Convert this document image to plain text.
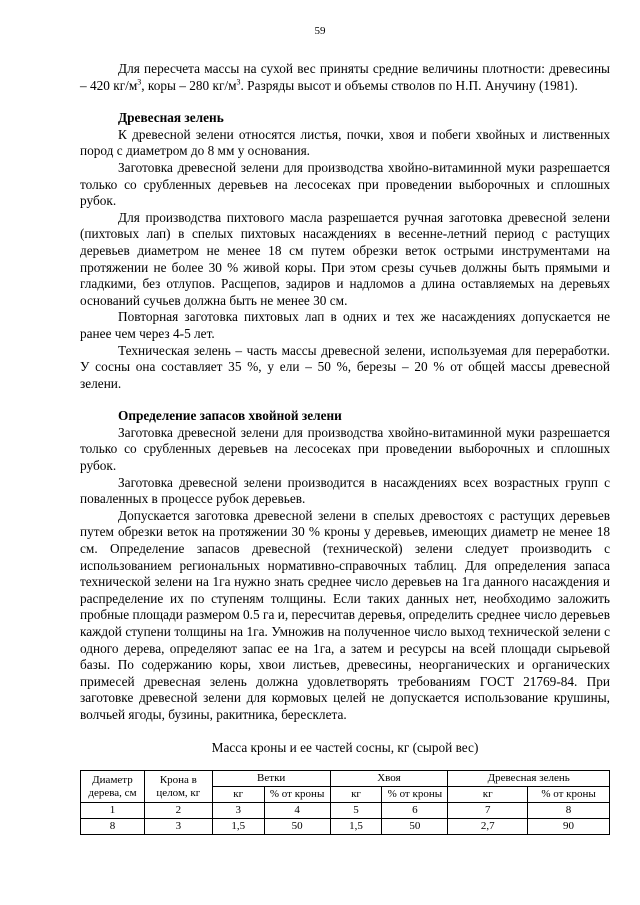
59

Для пересчета массы на сухой вес приняты средние величины плотности: древесины – 420 $кг/м^3$, коры – 280 $кг/м^3$. Разряды высот и объемы стволов по Н.П. Анучину (1981).

Древесная зелень

К древесной зелени относятся листья, почки, хвоя и побеги хвойных и лиственных пород с диаметром до 8 мм у основания.

Заготовка древесной зелени для производства хвойно-витаминной муки разрешается только со срубленных деревьев на лесосеках при проведении выборочных и сплошных рубок.

Для производства пихтового масла разрешается ручная заготовка древесной зелени (пихтовых лап) в спелых пихтовых насаждениях в весенне-летний период с растущих деревьев диаметром не менее 18 см путем обрезки веток острыми инструментами на протяжении не более 30 % живой коры. При этом срезы сучьев должны быть прямыми и гладкими, без отлупов. Расщепов, задиров и надломов а длина оставляемых на деревьях оснований сучьев должна быть не менее 30 см.

Повторная заготовка пихтовых лап в одних и тех же насаждениях допускается не ранее чем через 4-5 лет.

Техническая зелень – часть массы древесной зелени, используемая для переработки. У сосны она составляет 35 %, у ели – 50 %, березы – 20 % от общей массы древесной зелени.

Определение запасов хвойной зелени

Заготовка древесной зелени для производства хвойно-витаминной муки разрешается только со срубленных деревьев на лесосеках при проведении выборочных и сплошных рубок.

Заготовка древесной зелени производится в насаждениях всех возрастных групп с поваленных в процессе рубок деревьев.

Допускается заготовка древесной зелени в спелых древостоях с растущих деревьев путем обрезки веток на протяжении 30 % кроны у деревьев, имеющих диаметр не менее 18 см. Определение запасов древесной (технической) зелени следует производить с использованием региональных нормативно-справочных таблиц. Для определения запаса технической зелени на 1га нужно знать среднее число деревьев на 1га данного насаждения и распределение их по ступеням толщины. Если таких данных нет, необходимо заложить пробные площади размером 0.5 га и, пересчитав деревья, определить среднее число деревьев каждой ступени толщины на 1га. Умножив на полученное число выход технической зелени с одного дерева, определяют запас ее на 1га, а затем и ресурсы на всей площади сырьевой базы. По содержанию коры, хвои листьев, древесины, неорганических и органических примесей древесная зелень должна удовлетворять требованиям ГОСТ 21769-84. При заготовке древесной зелени для кормовых целей не допускается использование крушины, волчьей ягоды, бузины, ракитника, бересклета.

Масса кроны и ее частей сосны, кг (сырой вес)

Диаметр дерева, см	Крона в целом, кг	Ветки		Хвоя		Древесная зелень	
		кг	% от кроны	кг	% от кроны	кг	% от кроны
1	2	3	4	5	6	7	8
8	3	1,5	50	1,5	50	2,7	90
